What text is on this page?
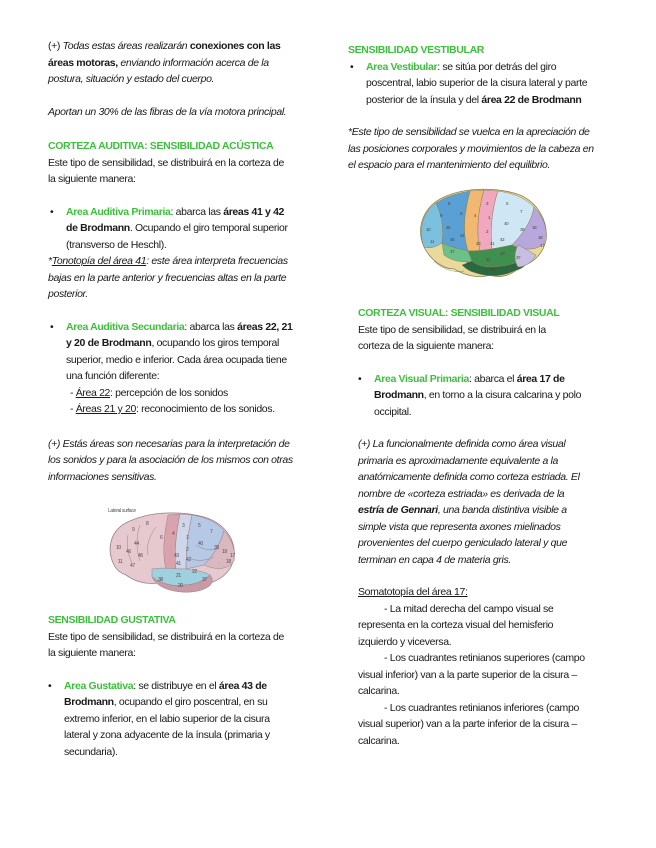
(+) Todas estas áreas realizarán conexiones con las
áreas motoras, enviando información acerca de la
postura, situación y estado del cuerpo.

Aportan un 30% de las fibras de la vía motora principal.

CORTEZA AUDITIVA: SENSIBILIDAD ACÚSTICA

Este tipo de sensibilidad, se distribuirá en la corteza de
la siguiente manera:

• Area Auditiva Primaria: abarca las áreas 41 y 42
de Brodmann. Ocupando el giro temporal superior
(transverso de Heschl).

*Tonotopía del área 41: este área interpreta frecuencias
bajas en la parte anterior y frecuencias altas en la parte
posterior.

• Area Auditiva Secundaria: abarca las áreas 22, 21
y 20 de Brodmann, ocupando los giros temporal
superior, medio e inferior. Cada área ocupada tiene
una función diferente:
- Área 22: percepción de los sonidos
- Áreas 21 y 20: reconocimiento de los sonidos.

(+) Estás áreas son necesarias para la interpretación de
los sonidos y para la asociación de los mismos con otras
informaciones sensitivas.

Lateral surface
4
6
8
9
10
44
45
46
47
11
3
1
2
5
7
39
40
41
42
43
22
21
20
37
19
18
17
38

SENSIBILIDAD GUSTATIVA

Este tipo de sensibilidad, se distribuirá en la corteza de
la siguiente manera:

• Area Gustativa: se distribuye en el área 43 de
Brodmann, ocupando el giro poscentral, en su
extremo inferior, en el labio superior de la cisura
lateral y zona adyacente de la ínsula (primaria y
secundaria).

SENSIBILIDAD VESTIBULAR

• Area Vestibular: se sitúa por detrás del giro
poscentral, labio superior de la cisura lateral y parte
posterior de la ínsula y del área 22 de Brodmann

*Este tipo de sensibilidad se vuelca en la apreciación de
las posiciones corporales y movimientos de la cabeza en
el espacio para el mantenimiento del equilibrio.

4
6
8
9
10	46
45
44
47
3
1
2
5
7
40
39
43 41
42
22
21
20
37
19
18
17
38
11

CORTEZA VISUAL: SENSIBILIDAD VISUAL

Este tipo de sensibilidad, se distribuirá en la
corteza de la siguiente manera:

• Area Visual Primaria: abarca el área 17 de
Brodmann, en torno a la cisura calcarina y polo
occipital.

(+) La funcionalmente definida como área visual
primaria es aproximadamente equivalente a la
anatómicamente definida como corteza estriada. El
nombre de «corteza estriada» es derivada de la
estría de Gennari, una banda distintiva visible a
simple vista que representa axones mielinados
provenientes del cuerpo geniculado lateral y que
terminan en capa 4 de materia gris.

Somatotopía del área 17:

- La mitad derecha del campo visual se
representa en la corteza visual del hemisferio
izquierdo y viceversa.

- Los cuadrantes retinianos superiores (campo
visual inferior) van a la parte superior de la cisura –
calcarina.

- Los cuadrantes retinianos inferiores (campo
visual superior) van a la parte inferior de la cisura –
calcarina.
